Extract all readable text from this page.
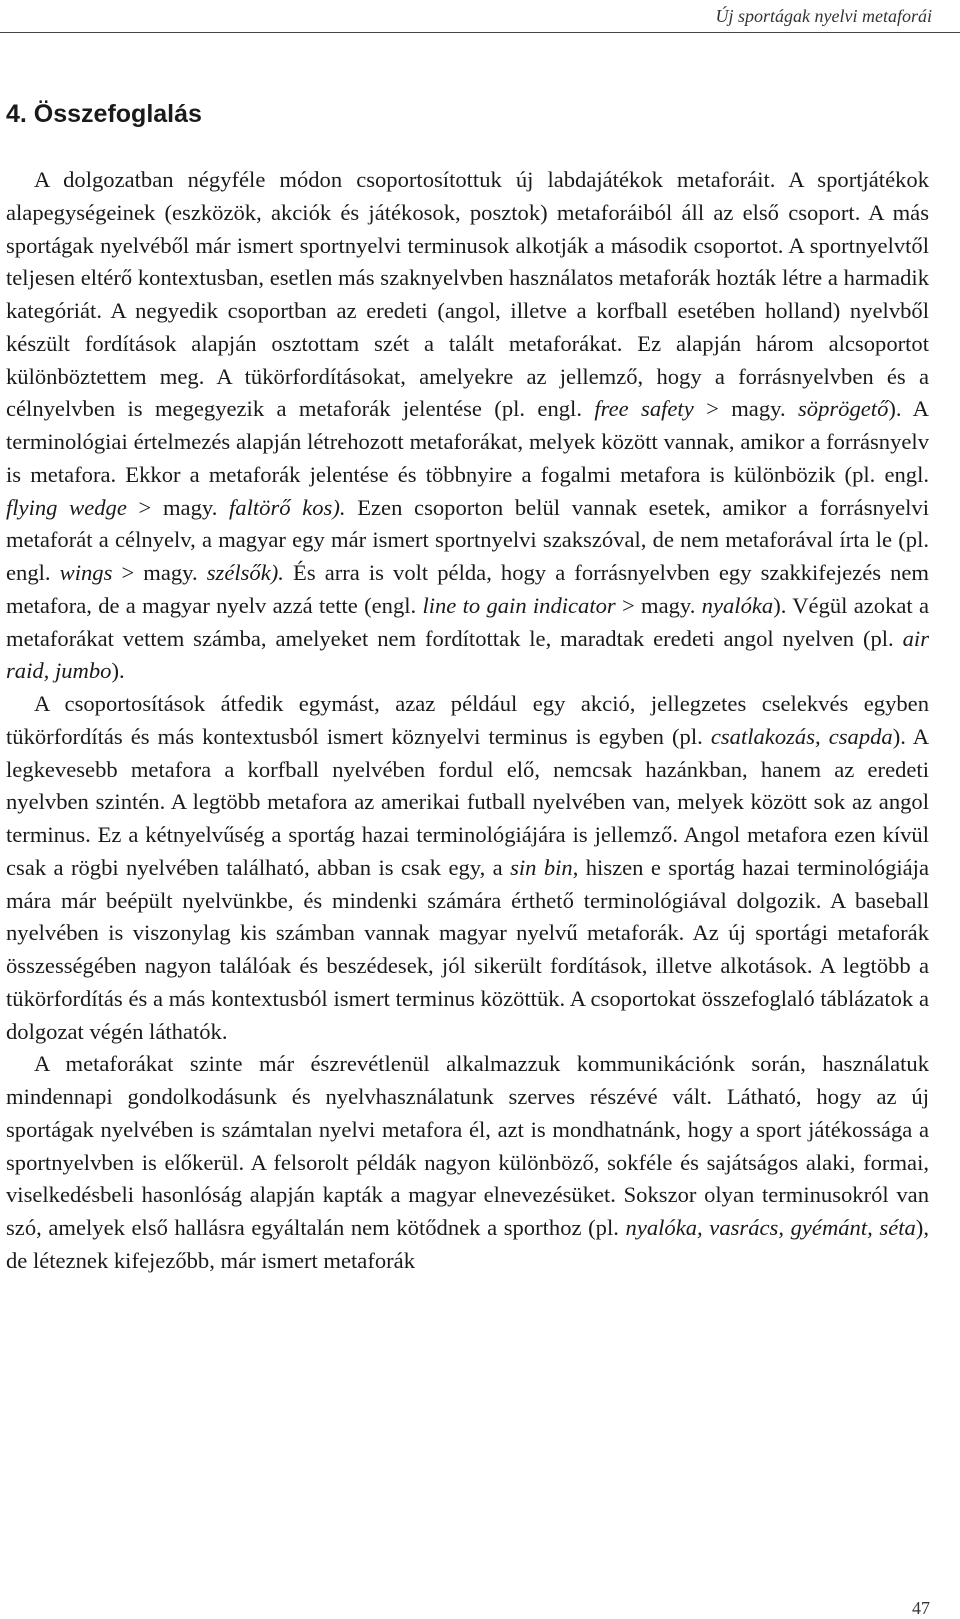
Új sportágak nyelvi metaforái
4. Összefoglalás

A dolgozatban négyféle módon csoportosítottuk új labdajátékok metaforáit. A sportjátékok alapegységeinek (eszközök, akciók és játékosok, posztok) metaforáiból áll az első csoport. A más sportágak nyelvéből már ismert sportnyelvi terminusok alkotják a második csoportot. A sportnyelvtől teljesen eltérő kontextusban, esetlen más szaknyelvben használatos metaforák hozták létre a harmadik kategóriát. A negyedik csoportban az eredeti (angol, illetve a korfball esetében holland) nyelvből készült fordítások alapján osztottam szét a talált metaforákat. Ez alapján három alcsoportot különböztettem meg. A tükörfordításokat, amelyekre az jellemző, hogy a forrásnyelvben és a célnyelvben is megegyezik a metaforák jelentése (pl. engl. free safety > magy. söprögető). A terminológiai értelmezés alapján létrehozott metaforákat, melyek között vannak, amikor a forrásnyelv is metafora. Ekkor a metaforák jelentése és többnyire a fogalmi metafora is különbözik (pl. engl. flying wedge > magy. faltörő kos). Ezen csoporton belül vannak esetek, amikor a forrásnyelvi metaforát a célnyelv, a magyar egy már ismert sportnyelvi szakszóval, de nem metaforával írta le (pl. engl. wings > magy. szélsők). És arra is volt példa, hogy a forrásnyelvben egy szakkifejezés nem metafora, de a magyar nyelv azzá tette (engl. line to gain indicator > magy. nyalóka). Végül azokat a metaforákat vettem számba, amelyeket nem fordítottak le, maradtak eredeti angol nyelven (pl. air raid, jumbo).

A csoportosítások átfedik egymást, azaz például egy akció, jellegzetes cselekvés egyben tükörfordítás és más kontextusból ismert köznyelvi terminus is egyben (pl. csatlakozás, csapda). A legkevesebb metafora a korfball nyelvében fordul elő, nemcsak hazánkban, hanem az eredeti nyelvben szintén. A legtöbb metafora az amerikai futball nyelvében van, melyek között sok az angol terminus. Ez a kétnyelvűség a sportág hazai terminológiájára is jellemző. Angol metafora ezen kívül csak a rögbi nyelvében található, abban is csak egy, a sin bin, hiszen e sportág hazai terminológiája mára már beépült nyelvünkbe, és mindenki számára érthető terminológiával dolgozik. A baseball nyelvében is viszonylag kis számban vannak magyar nyelvű metaforák. Az új sportági metaforák összességében nagyon találóak és beszédesek, jól sikerült fordítások, illetve alkotások. A legtöbb a tükörfordítás és a más kontextusból ismert terminus közöttük. A csoportokat összefoglaló táblázatok a dolgozat végén láthatók.

A metaforákat szinte már észrevétlenül alkalmazzuk kommunikációnk során, használatuk mindennapi gondolkodásunk és nyelvhasználatunk szerves részévé vált. Látható, hogy az új sportágak nyelvében is számtalan nyelvi metafora él, azt is mondhatnánk, hogy a sport játékossága a sportnyelvben is előkerül. A felsorolt példák nagyon különböző, sokféle és sajátságos alaki, formai, viselkedésbeli hasonlóság alapján kapták a magyar elnevezésüket. Sokszor olyan terminusokról van szó, amelyek első hallásra egyáltalán nem kötődnek a sporthoz (pl. nyalóka, vasrács, gyémánt, séta), de léteznek kifejezőbb, már ismert metaforák

47
